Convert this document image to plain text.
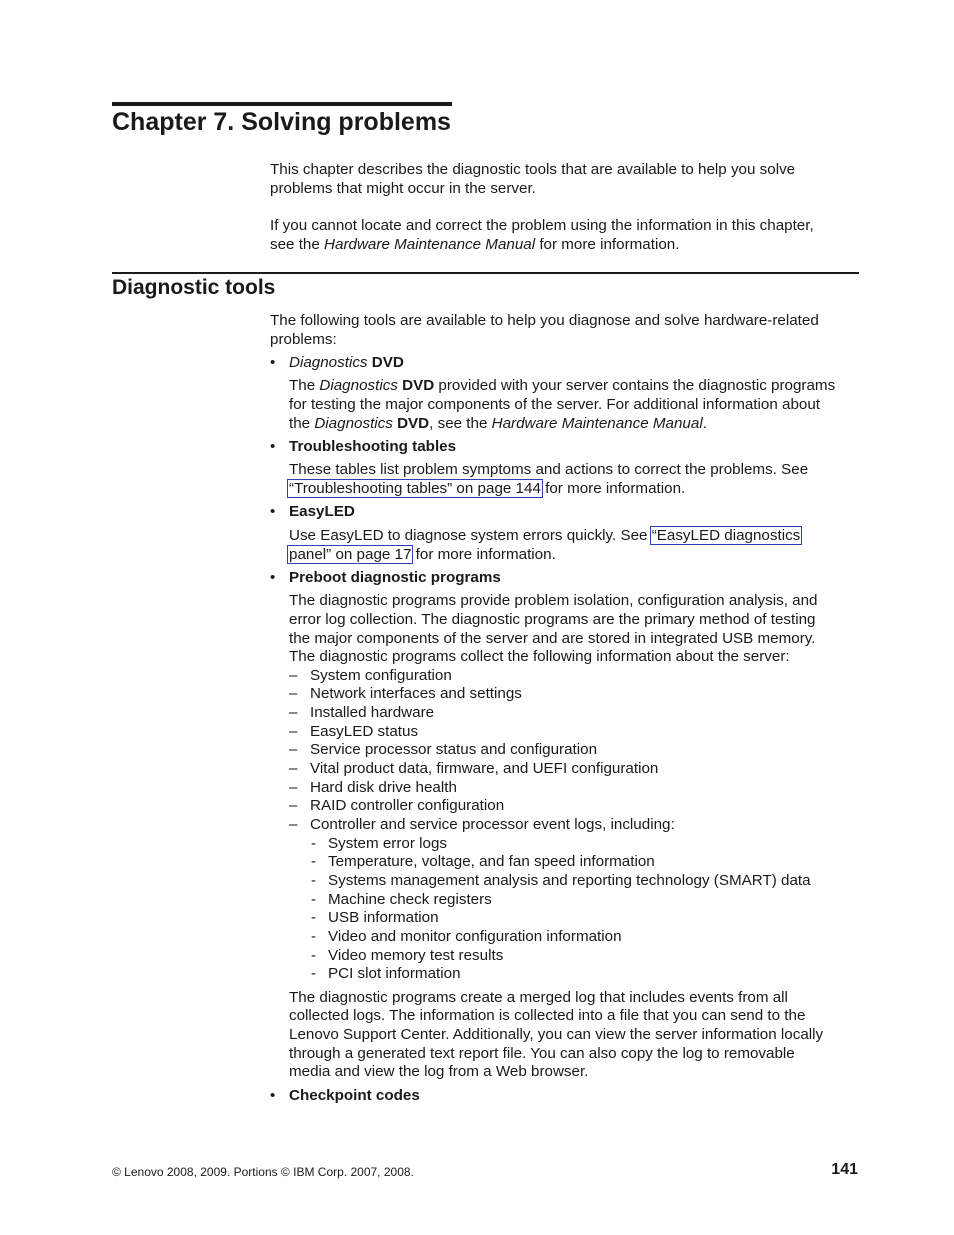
Chapter 7. Solving problems
This chapter describes the diagnostic tools that are available to help you solve
problems that might occur in the server.
If you cannot locate and correct the problem using the information in this chapter,
see the Hardware Maintenance Manual for more information.
Diagnostic tools
The following tools are available to help you diagnose and solve hardware-related
problems:
• Diagnostics DVD
The Diagnostics DVD provided with your server contains the diagnostic programs
for testing the major components of the server. For additional information about
the Diagnostics DVD, see the Hardware Maintenance Manual.
• Troubleshooting tables
These tables list problem symptoms and actions to correct the problems. See
“Troubleshooting tables” on page 144 for more information.
• EasyLED
Use EasyLED to diagnose system errors quickly. See “EasyLED diagnostics
panel” on page 17 for more information.
• Preboot diagnostic programs
The diagnostic programs provide problem isolation, configuration analysis, and
error log collection. The diagnostic programs are the primary method of testing
the major components of the server and are stored in integrated USB memory.
The diagnostic programs collect the following information about the server:
– System configuration
– Network interfaces and settings
– Installed hardware
– EasyLED status
– Service processor status and configuration
– Vital product data, firmware, and UEFI configuration
– Hard disk drive health
– RAID controller configuration
– Controller and service processor event logs, including:
- System error logs
- Temperature, voltage, and fan speed information
- Systems management analysis and reporting technology (SMART) data
- Machine check registers
- USB information
- Video and monitor configuration information
- Video memory test results
- PCI slot information
The diagnostic programs create a merged log that includes events from all
collected logs. The information is collected into a file that you can send to the
Lenovo Support Center. Additionally, you can view the server information locally
through a generated text report file. You can also copy the log to removable
media and view the log from a Web browser.
• Checkpoint codes
© Lenovo 2008, 2009. Portions © IBM Corp. 2007, 2008.	141
